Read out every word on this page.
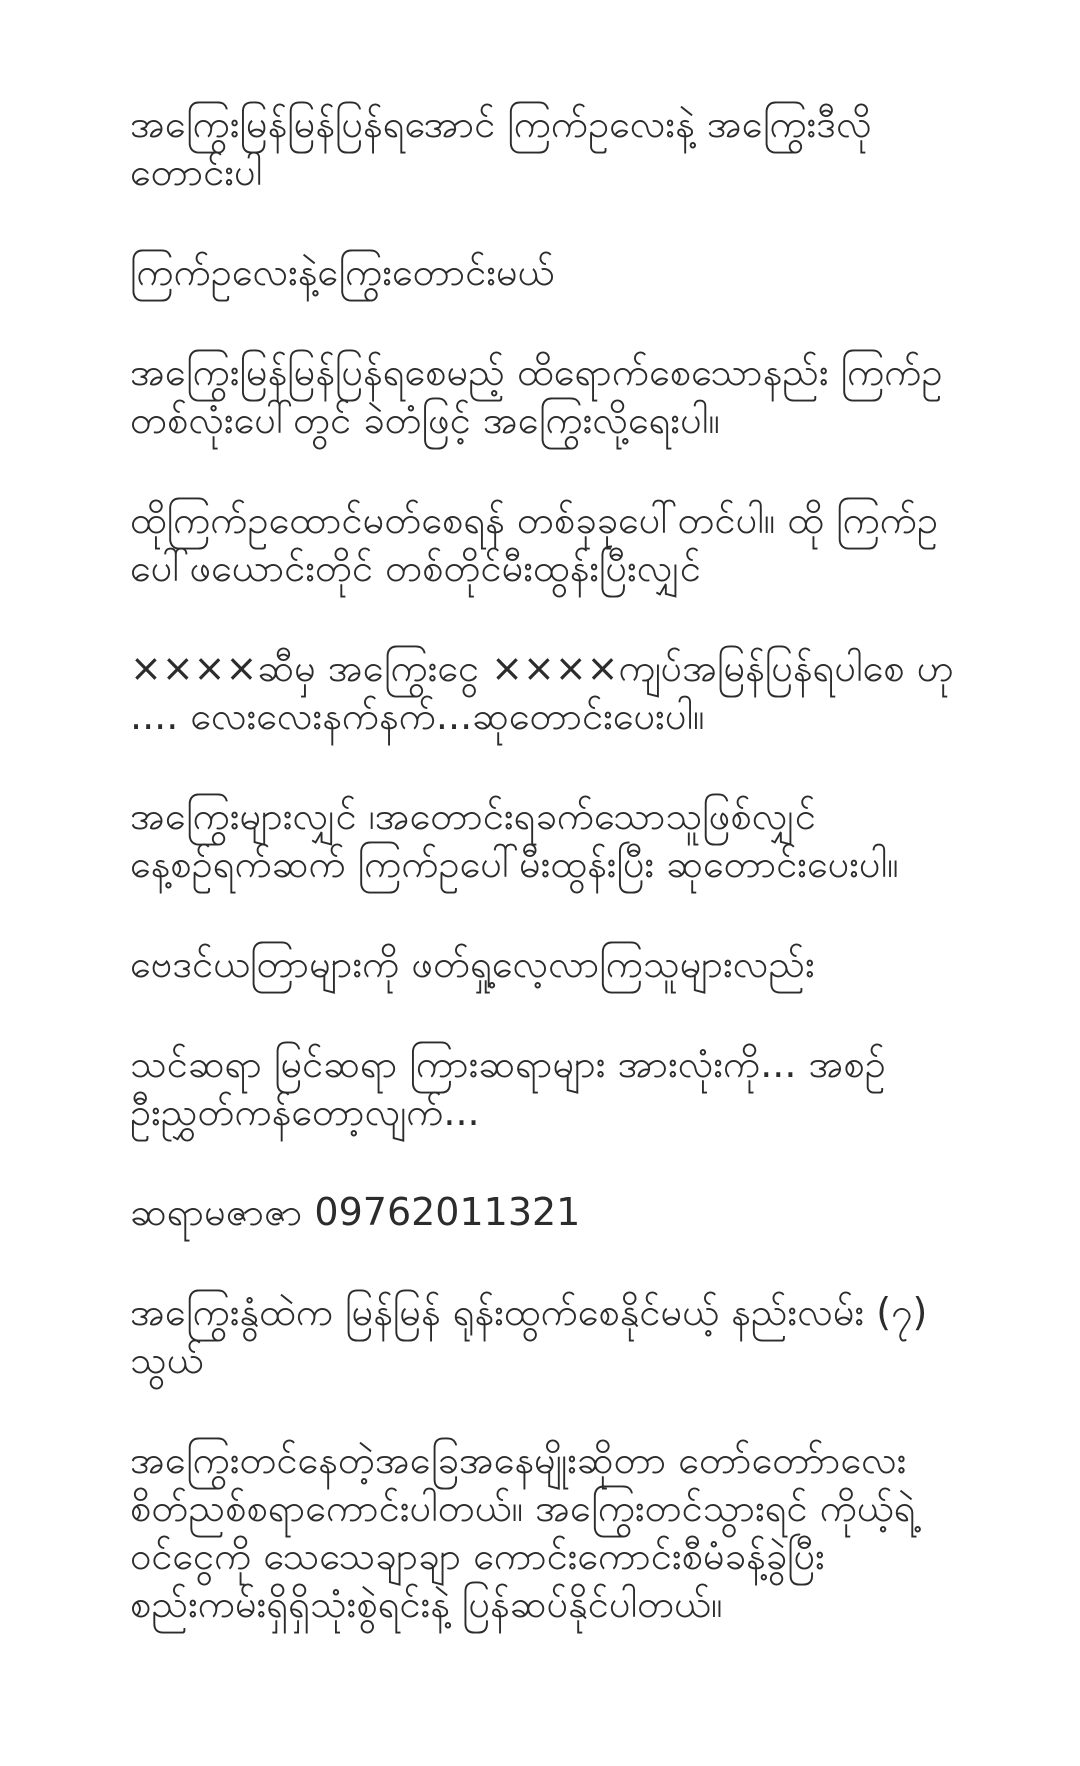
အကြွေးမြန်မြန်ပြန်ရအောင် ကြက်ဥလေးနဲ့ အကြွေးဒီလိုတောင်းပါ

ကြက်ဥလေးနဲ့ကြွေးတောင်းမယ်

အကြွေးမြန်မြန်ပြန်ရစေမည့် ထိရောက်စေသောနည်း ကြက်ဥတစ်လုံးပေါ်တွင် ခဲတံဖြင့် အကြွေးလို့ရေးပါ။

ထိုကြက်ဥထောင်မတ်စေရန် တစ်ခုခုပေါ်တင်ပါ။ ထို ကြက်ဥပေါ်ဖယောင်းတိုင် တစ်တိုင်မီးထွန်းပြီးလျှင်

××××ဆီမှ အကြွေးငွေ ××××ကျပ်အမြန်ပြန်ရပါစေ ဟု .... လေးလေးနက်နက်...ဆုတောင်းပေးပါ။

အကြွေးများလျှင် ၊အတောင်းရခက်သောသူဖြစ်လျှင် နေ့စဉ်ရက်ဆက် ကြက်ဥပေါ်မီးထွန်းပြီး ဆုတောင်းပေးပါ။

ဗေဒင်ယတြာများကို ဖတ်ရှု့လေ့လာကြသူများလည်း

သင်ဆရာ မြင်ဆရာ ကြားဆရာများ အားလုံးကို... အစဉ်ဦးညွှတ်ကန်တော့လျက်...

ဆရာမဇာဇာ 09762011321

အကြွေးနွံထဲက မြန်မြန် ရုန်းထွက်စေနိုင်မယ့် နည်းလမ်း (၇) သွယ်

အကြွေးတင်နေတဲ့အခြေအနေမျိုးဆိုတာ တော်တော်ာလေး စိတ်ညစ်စရာကောင်းပါတယ်။ အကြွေးတင်သွားရင် ကိုယ့်ရဲ့ဝင်ငွေကို သေသေချာချာ ကောင်းကောင်းစီမံခန့်ခွဲပြီး စည်းကမ်းရှိရှိသုံးစွဲရင်းနဲ့ ပြန်ဆပ်နိုင်ပါတယ်။
